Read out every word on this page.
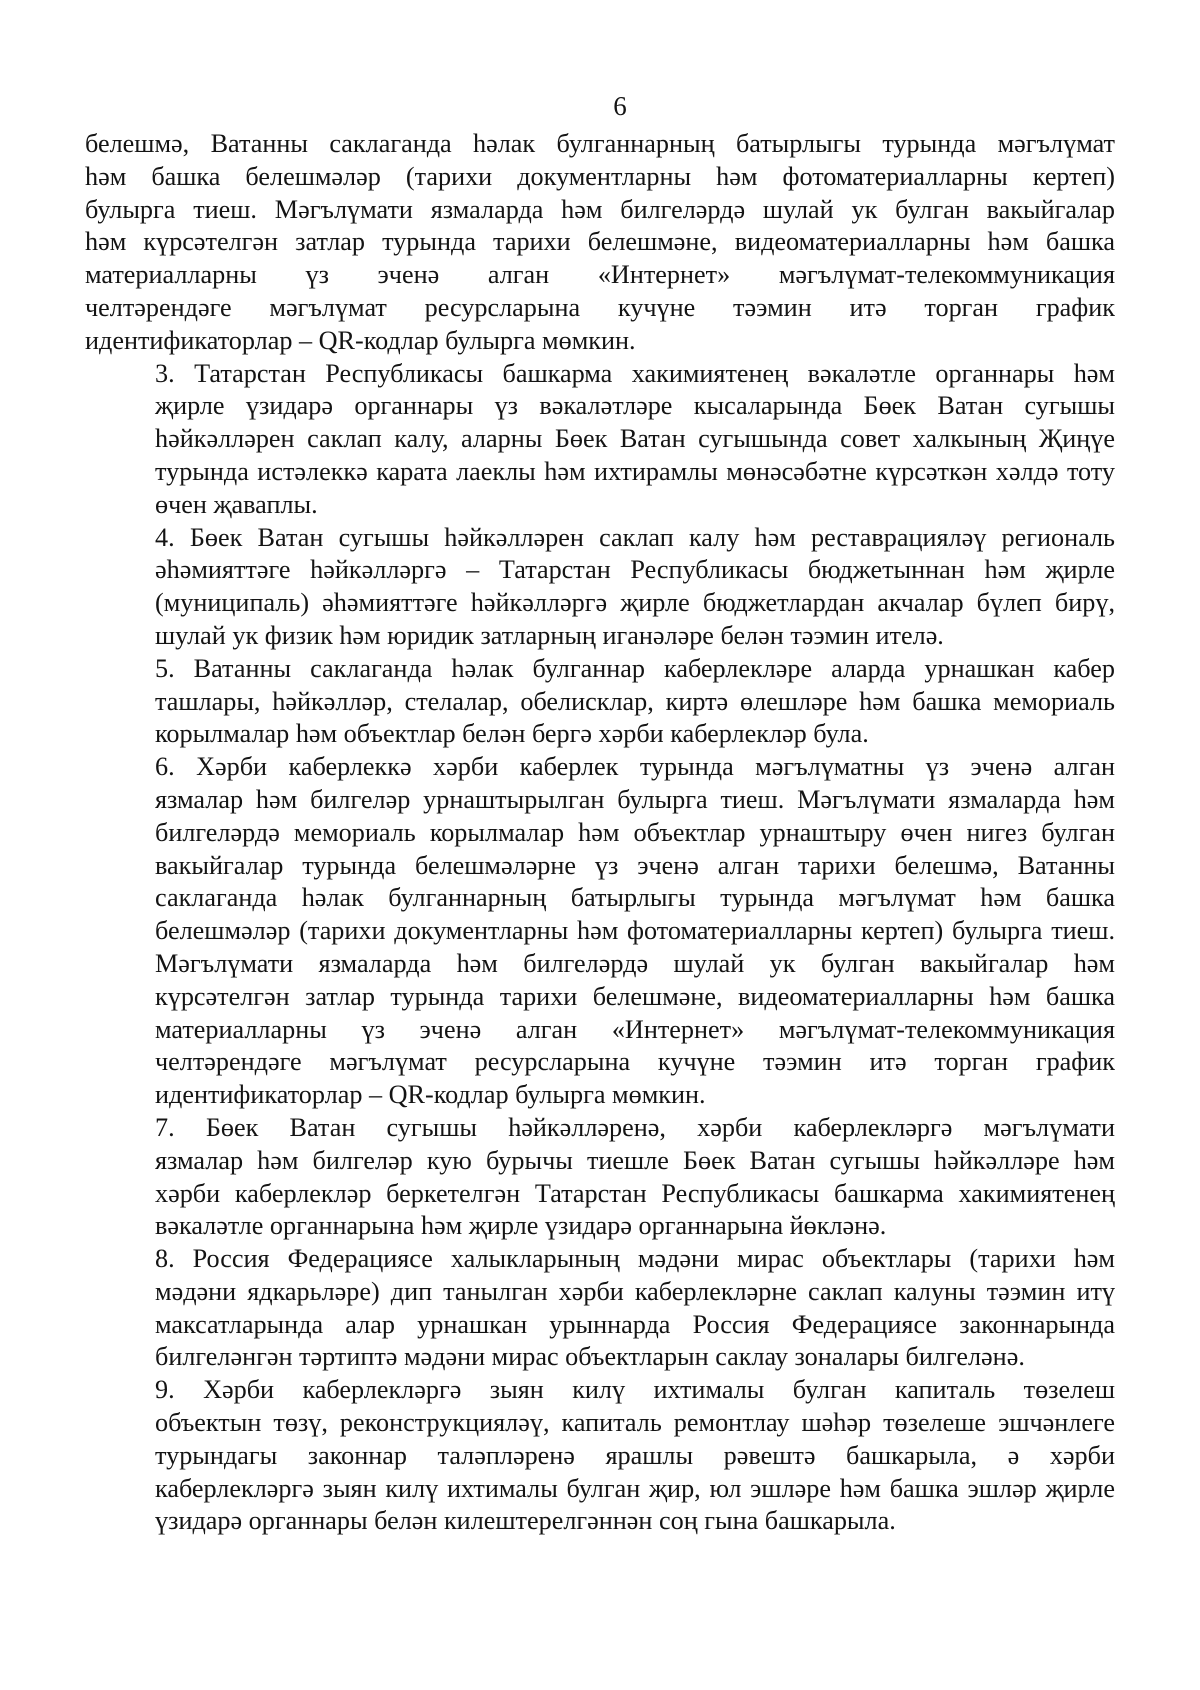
6

белешмә, Ватанны саклаганда һәлак булганнарның батырлыгы турында мәгълүмат
һәм башка белешмәләр (тарихи документларны һәм фотоматериалларны кертеп)
булырга тиеш. Мәгълүмати язмаларда һәм билгеләрдә шулай ук булган вакыйгалар
һәм күрсәтелгән затлар турында тарихи белешмәне, видеоматериалларны һәм башка
материалларны үз эченә алган «Интернет» мәгълүмат-телекоммуникация
челтәрендәге мәгълүмат ресурсларына кучүне тәэмин итә торган график
идентификаторлар – QR-кодлар булырга мөмкин.

3. Татарстан Республикасы башкарма хакимиятенең вәкаләтле органнары һәм
җирле үзидарә органнары үз вәкаләтләре кысаларында Бөек Ватан сугышы
һәйкәлләрен саклап калу, аларны Бөек Ватан сугышында совет халкының Җиңүе
турында истәлеккә карата лаеклы һәм ихтирамлы мөнәсәбәтне күрсәткән хәлдә тоту
өчен җаваплы.

4. Бөек Ватан сугышы һәйкәлләрен саклап калу һәм реставрацияләү региональ
әһәмияттәге һәйкәлләргә – Татарстан Республикасы бюджетыннан һәм җирле
(муниципаль) әһәмияттәге һәйкәлләргә җирле бюджетлардан акчалар бүлеп бирү,
шулай ук физик һәм юридик затларның иганәләре белән тәэмин ителә.

5. Ватанны саклаганда һәлак булганнар каберлекләре аларда урнашкан кабер
ташлары, һәйкәлләр, стелалар, обелисклар, киртә өлешләре һәм башка мемориаль
корылмалар һәм объектлар белән бергә хәрби каберлекләр була.

6. Хәрби каберлеккә хәрби каберлек турында мәгълүматны үз эченә алган
язмалар һәм билгеләр урнаштырылган булырга тиеш. Мәгълүмати язмаларда һәм
билгеләрдә мемориаль корылмалар һәм объектлар урнаштыру өчен нигез булган
вакыйгалар турында белешмәләрне үз эченә алган тарихи белешмә, Ватанны
саклаганда һәлак булганнарның батырлыгы турында мәгълүмат һәм башка
белешмәләр (тарихи документларны һәм фотоматериалларны кертеп) булырга тиеш.
Мәгълүмати язмаларда һәм билгеләрдә шулай ук булган вакыйгалар һәм
күрсәтелгән затлар турында тарихи белешмәне, видеоматериалларны һәм башка
материалларны үз эченә алган «Интернет» мәгълүмат-телекоммуникация
челтәрендәге мәгълүмат ресурсларына кучүне тәэмин итә торган график
идентификаторлар – QR-кодлар булырга мөмкин.

7. Бөек Ватан сугышы һәйкәлләренә, хәрби каберлекләргә мәгълүмати
язмалар һәм билгеләр кую бурычы тиешле Бөек Ватан сугышы һәйкәлләре һәм
хәрби каберлекләр беркетелгән Татарстан Республикасы башкарма хакимиятенең
вәкаләтле органнарына һәм җирле үзидарә органнарына йөкләнә.

8. Россия Федерациясе халыкларының мәдәни мирас объектлары (тарихи һәм
мәдәни ядкарьләре) дип танылган хәрби каберлекләрне саклап калуны тәэмин итү
максатларында алар урнашкан урыннарда Россия Федерациясе законнарында
билгеләнгән тәртиптә мәдәни мирас объектларын саклау зоналары билгеләнә.

9. Хәрби каберлекләргә зыян килү ихтималы булган капиталь төзелеш
объектын төзү, реконструкцияләү, капиталь ремонтлау шәһәр төзелеше эшчәнлеге
турындагы законнар таләпләренә ярашлы рәвештә башкарыла, ә хәрби
каберлекләргә зыян килү ихтималы булган җир, юл эшләре һәм башка эшләр җирле
үзидарә органнары белән килештерелгәннән соң гына башкарыла.
